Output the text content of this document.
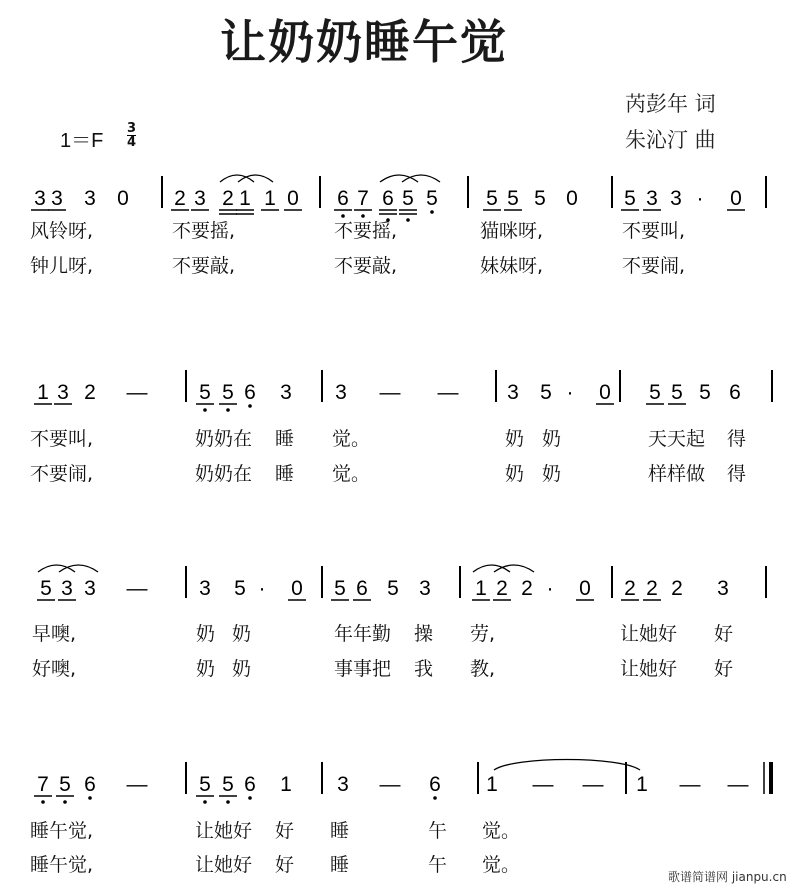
让奶奶睡午觉
芮彭年 词
朱沁汀 曲
1＝F
3
4
3 3 3 0 2 3 2 1 1 0 6 7 6 5 5 5 5 5 0 5 3 3 · 0
1 3 2 — 5 5 6 3 3 — — 3 5 · 0 5 5 5 6
5 3 3 — 3 5 · 0 5 6 5 3 1 2 2 · 0 2 2 2 3
7 5 6 — 5 5 6 1 3 — 6 1 — — 1 — —
风铃呀,	不要摇,	不要摇,	猫咪呀,	不要叫,
钟儿呀,	不要敲,	不要敲,	妹妹呀,	不要闹,
不要叫,	奶奶在 睡 觉。	奶 奶	天天起 得
不要闹,	奶奶在 睡 觉。	奶 奶	样样做 得
早噢,	奶 奶	年年勤 操 劳,	让她好 好
好噢,	奶 奶	事事把 我 教,	让她好 好
睡午觉,	让她好 好 睡	午 觉。
睡午觉,	让她好 好 睡	午 觉。
歌谱简谱网 jianpu.cn
